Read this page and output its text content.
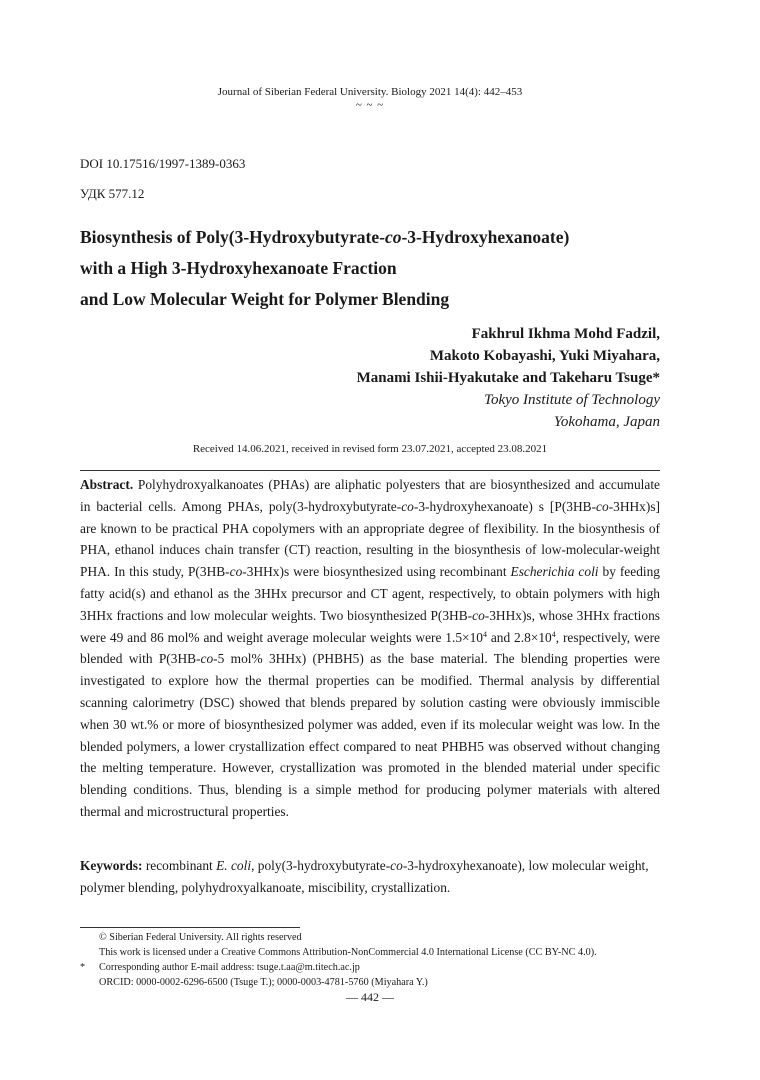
Journal of Siberian Federal University. Biology 2021 14(4): 442–453
~ ~ ~
DOI 10.17516/1997-1389-0363
УДК 577.12
Biosynthesis of Poly(3-Hydroxybutyrate-co-3-Hydroxyhexanoate)
with a High 3-Hydroxyhexanoate Fraction
and Low Molecular Weight for Polymer Blending
Fakhrul Ikhma Mohd Fadzil,
Makoto Kobayashi, Yuki Miyahara,
Manami Ishii-Hyakutake and Takeharu Tsuge*
Tokyo Institute of Technology
Yokohama, Japan
Received 14.06.2021, received in revised form 23.07.2021, accepted 23.08.2021
Abstract. Polyhydroxyalkanoates (PHAs) are aliphatic polyesters that are biosynthesized and accumulate in bacterial cells. Among PHAs, poly(3-hydroxybutyrate-co-3-hydroxyhexanoate) s [P(3HB-co-3HHx)s] are known to be practical PHA copolymers with an appropriate degree of flexibility. In the biosynthesis of PHA, ethanol induces chain transfer (CT) reaction, resulting in the biosynthesis of low-molecular-weight PHA. In this study, P(3HB-co-3HHx)s were biosynthesized using recombinant Escherichia coli by feeding fatty acid(s) and ethanol as the 3HHx precursor and CT agent, respectively, to obtain polymers with high 3HHx fractions and low molecular weights. Two biosynthesized P(3HB-co-3HHx)s, whose 3HHx fractions were 49 and 86 mol% and weight average molecular weights were $1.5\times 10^4$ and $2.8\times 10^4$, respectively, were blended with P(3HB-co-5 mol% 3HHx) (PHBH5) as the base material. The blending properties were investigated to explore how the thermal properties can be modified. Thermal analysis by differential scanning calorimetry (DSC) showed that blends prepared by solution casting were obviously immiscible when 30 wt.% or more of biosynthesized polymer was added, even if its molecular weight was low. In the blended polymers, a lower crystallization effect compared to neat PHBH5 was observed without changing the melting temperature. However, crystallization was promoted in the blended material under specific blending conditions. Thus, blending is a simple method for producing polymer materials with altered thermal and microstructural properties.
Keywords: recombinant E. coli, poly(3-hydroxybutyrate-co-3-hydroxyhexanoate), low molecular weight, polymer blending, polyhydroxyalkanoate, miscibility, crystallization.
© Siberian Federal University. All rights reserved
This work is licensed under a Creative Commons Attribution-NonCommercial 4.0 International License (CC BY-NC 4.0).
* Corresponding author E-mail address: tsuge.t.aa@m.titech.ac.jp
ORCID: 0000-0002-6296-6500 (Tsuge T.); 0000-0003-4781-5760 (Miyahara Y.)
— 442 —
